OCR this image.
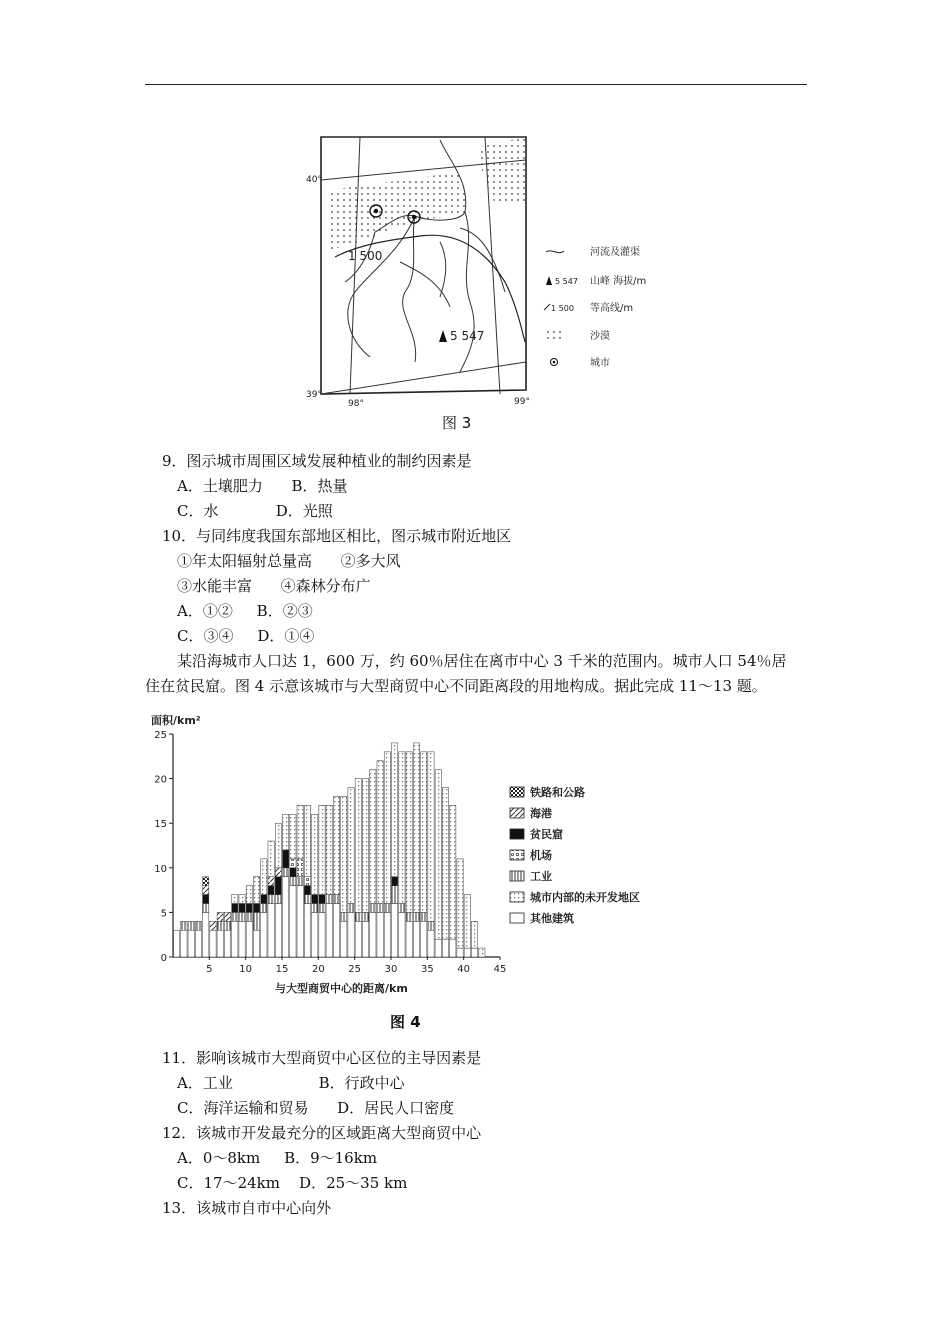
1 500
5 547
40°
39°
98°	99°
河流及灌渠
5 547 山峰 海拔/m
1 500 等高线/m
沙漠
城市
图 3
9．图示城市周围区域发展种植业的制约因素是
A．土壤肥力      B．热量
C．水            D．光照
10．与同纬度我国东部地区相比，图示城市附近地区
①年太阳辐射总量高      ②多大风
③水能丰富      ④森林分布广
A．①②     B．②③
C．③④     D．①④
某沿海城市人口达 1，600 万，约 60％居住在离市中心 3 千米的范围内。城市人口 54％居
住在贫民窟。图 4 示意该城市与大型商贸中心不同距离段的用地构成。据此完成 11～13 题。
面积/km²
0
5
10
15
20
25
5	10 15 20 25 30 35 40 45
与大型商贸中心的距离/km
铁路和公路
海港
贫民窟
机场
工业
城市内部的未开发地区
其他建筑
图 4
11．影响该城市大型商贸中心区位的主导因素是
A．工业                  B．行政中心
C．海洋运输和贸易      D．居民人口密度
12．该城市开发最充分的区域距离大型商贸中心
A．0～8km     B．9～16km
C．17～24km    D．25～35 km
13．该城市自市中心向外
